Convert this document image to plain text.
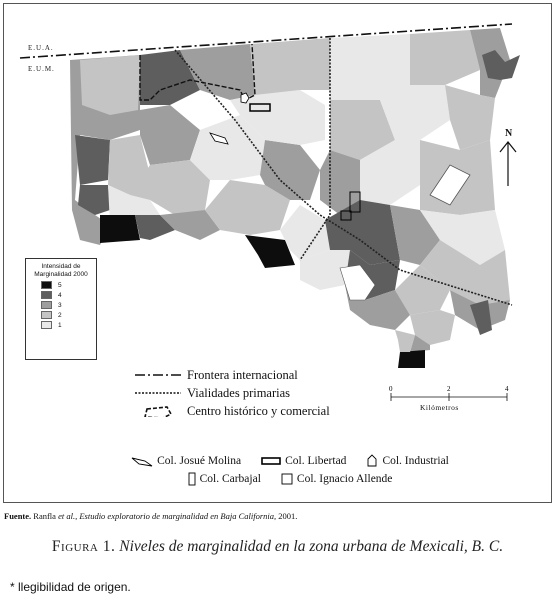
E.U.A.
E.U.M.
N
Intensidad de
Marginalidad 2000
5
4
3
2
1
Frontera internacional
Vialidades primarias
Centro histórico y comercial
0	2	4
Kilómetros
Col. Josué Molina	Col. Libertad	Col. Industrial
Col. Carbajal	Col. Ignacio Allende
Fuente. Ranfla et al., Estudio exploratorio de marginalidad en Baja California, 2001.
Figura 1. Niveles de marginalidad en la zona urbana de Mexicali, B. C.
* llegibilidad de origen.
